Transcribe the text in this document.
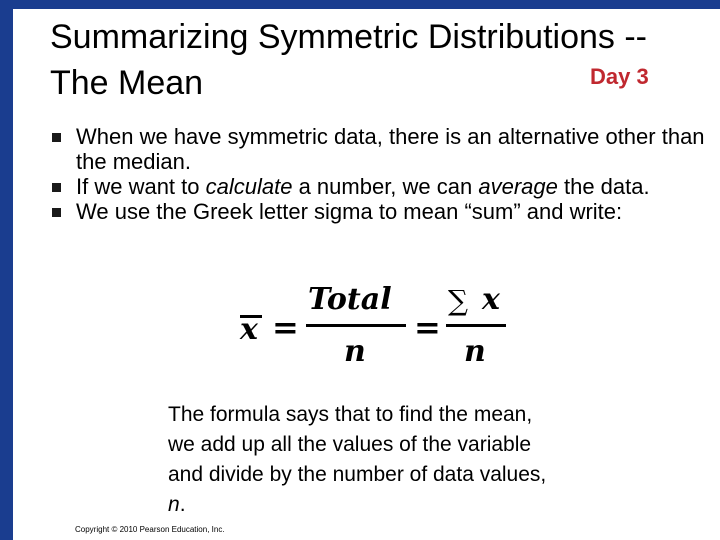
Summarizing Symmetric Distributions --
The Mean	Day 3
When we have symmetric data, there is an alternative other than the median.
If we want to calculate a number, we can average the data.
We use the Greek letter sigma to mean “sum” and write:
x =
Total
n
=
∑ x
n
The formula says that to find the mean, we add up all the values of the variable and divide by the number of data values, n.
Copyright © 2010 Pearson Education, Inc.
